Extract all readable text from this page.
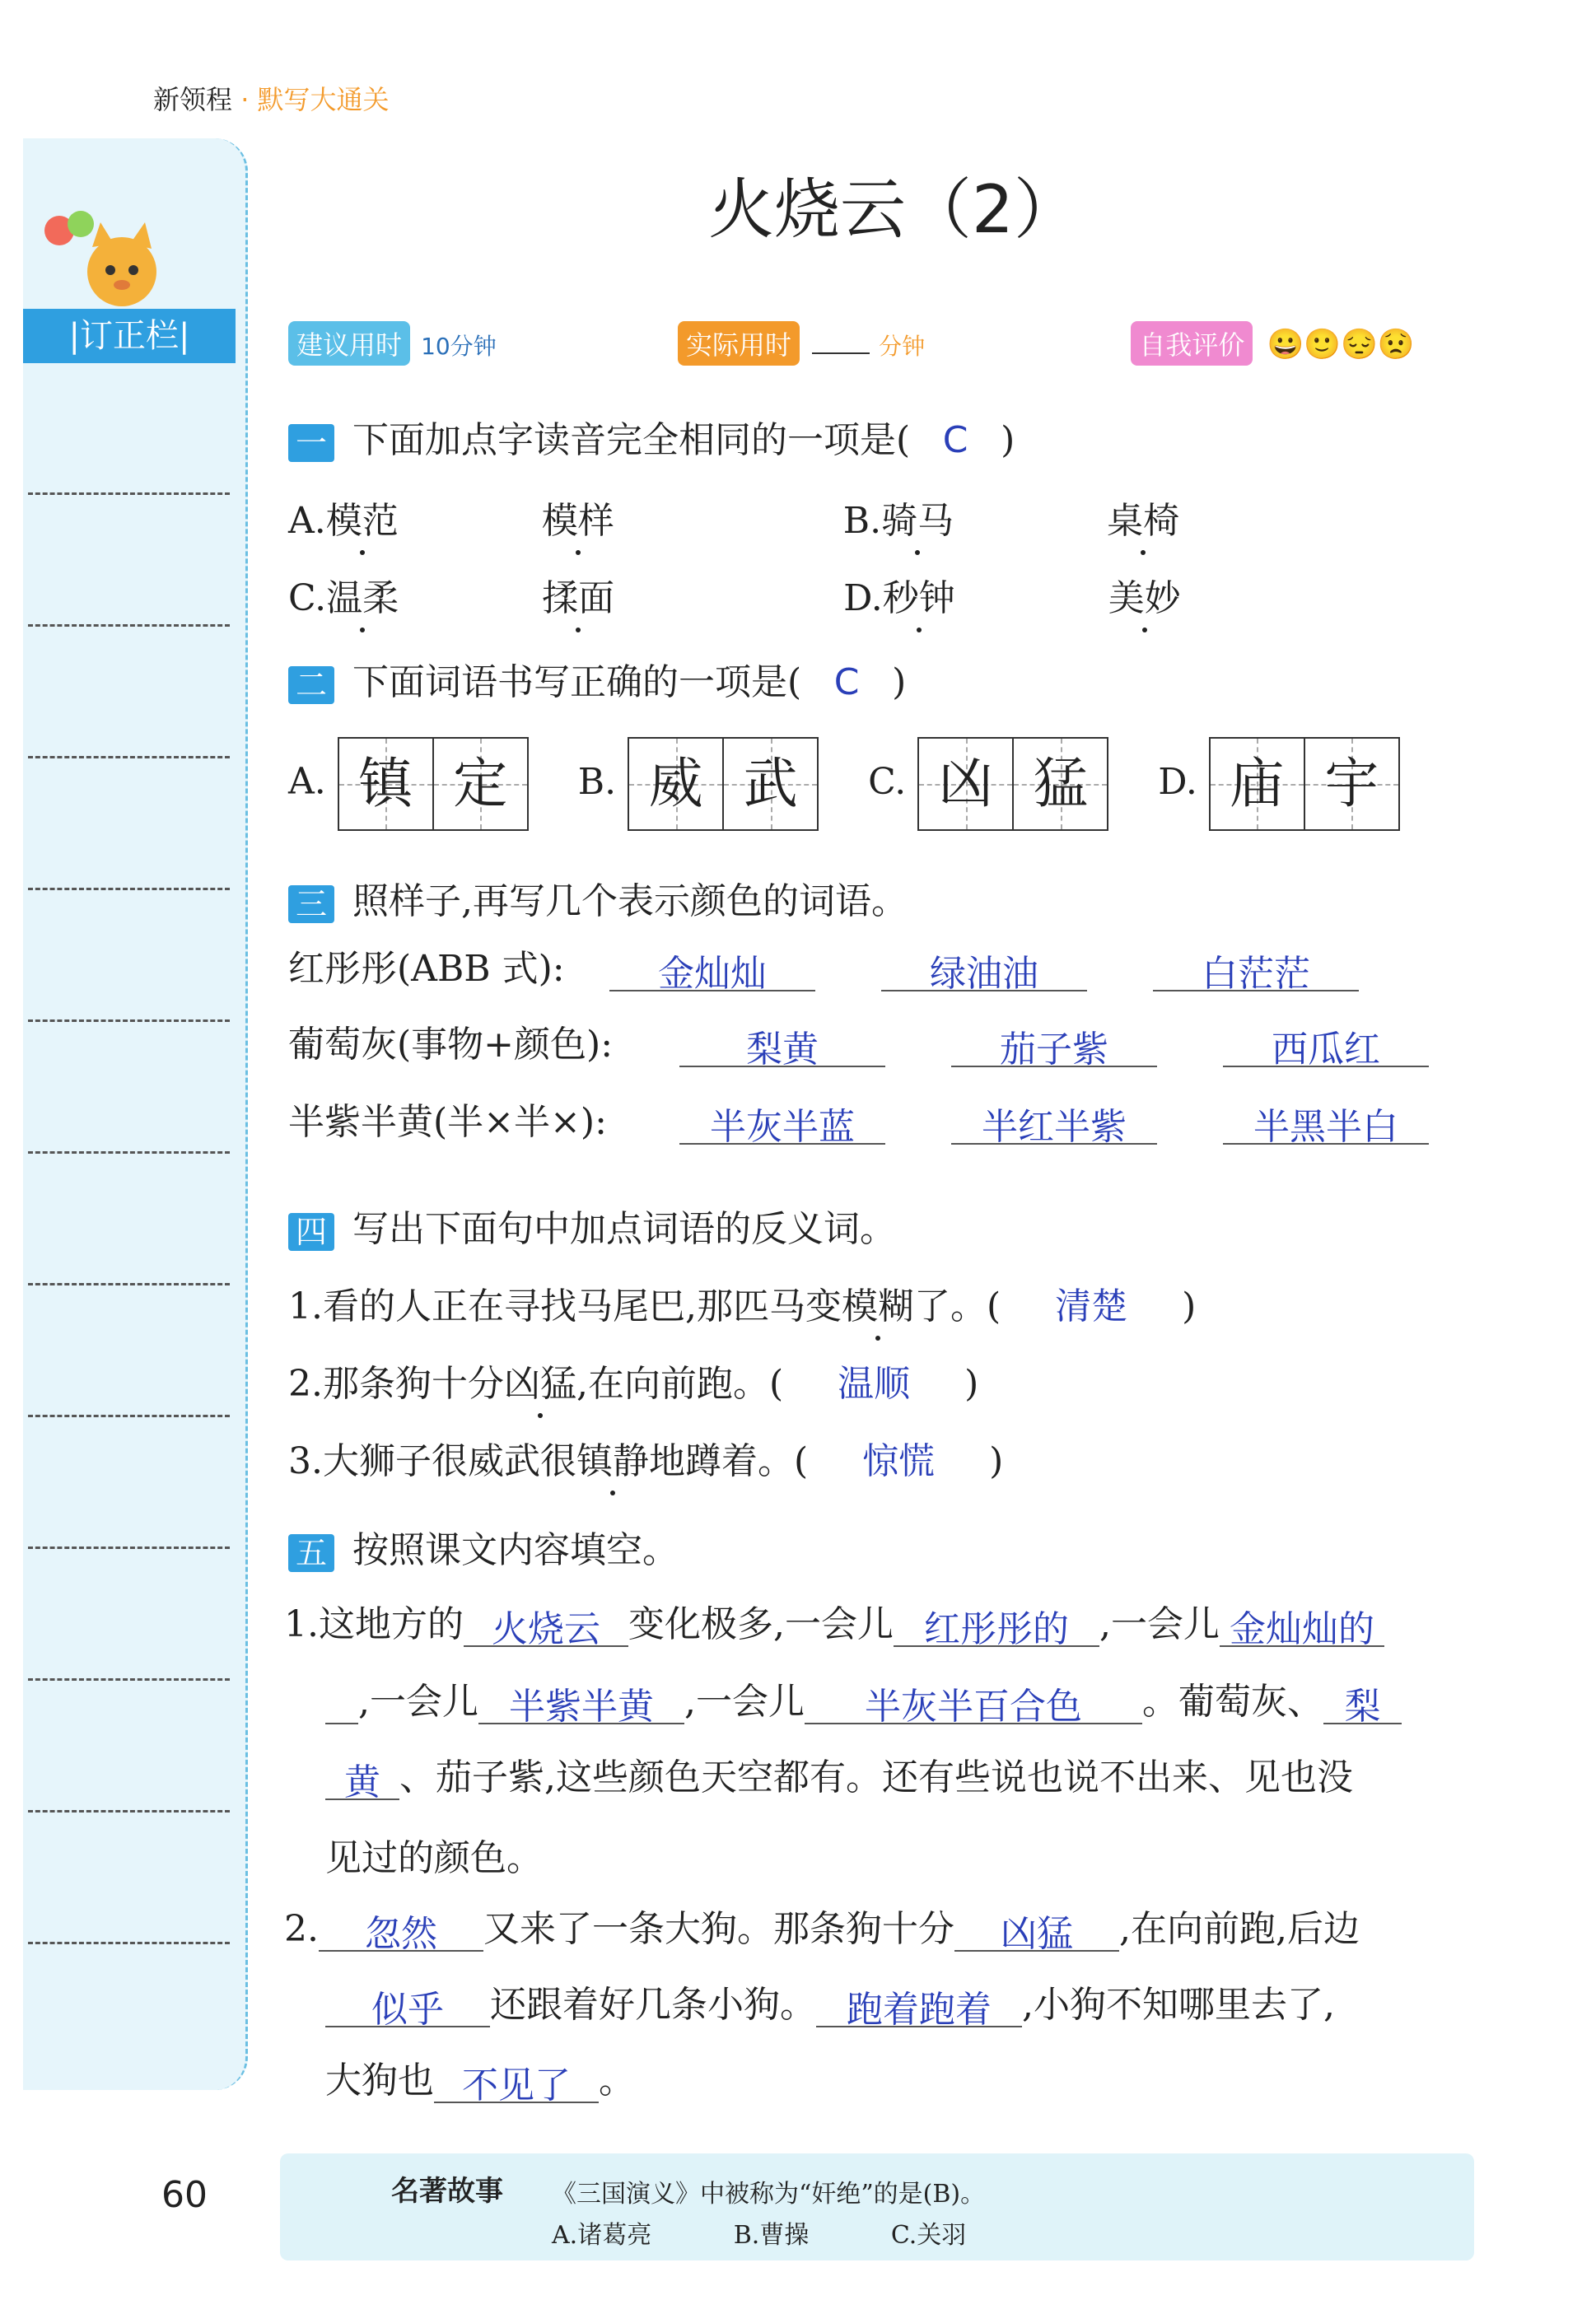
新领程 · 默写大通关
|订正栏|
火烧云（2）
建议用时 10分钟	实际用时	分钟	自我评价 😀🙂😔😟
一 下面加点字读音完全相同的一项是( C )
A.模范	模样	B.骑马	桌椅
C.温柔	揉面	D.秒钟	美妙
二 下面词语书写正确的一项是( C )
A. 镇 定 B. 威 武 C. 凶 猛 D. 庙 宇
三 照样子,再写几个表示颜色的词语。
红彤彤(ABB 式):	金灿灿	绿油油	白茫茫
葡萄灰(事物+颜色):	梨黄	茄子紫	西瓜红
半紫半黄(半×半×):	半灰半蓝	半红半紫	半黑半白
四 写出下面句中加点词语的反义词。
1.看的人正在寻找马尾巴,那匹马变模糊了。( 清楚 )
2.那条狗十分凶猛,在向前跑。( 温顺 )
3.大狮子很威武很镇静地蹲着。( 惊慌 )
五 按照课文内容填空。
1.这地方的 火烧云 变化极多,一会儿 红彤彤的 ,一会儿 金灿灿的
,一会儿 半紫半黄 ,一会儿 半灰半百合色 。葡萄灰、 梨
黄 、茄子紫,这些颜色天空都有。还有些说也说不出来、见也没
见过的颜色。
2. 忽然 又来了一条大狗。那条狗十分 凶猛 ,在向前跑,后边
似乎 还跟着好几条小狗。 跑着跑着 ,小狗不知哪里去了,
大狗也 不见了 。
60	名著故事 《三国演义》中被称为“奸绝”的是(B)。
A.诸葛亮	B.曹操	C.关羽
